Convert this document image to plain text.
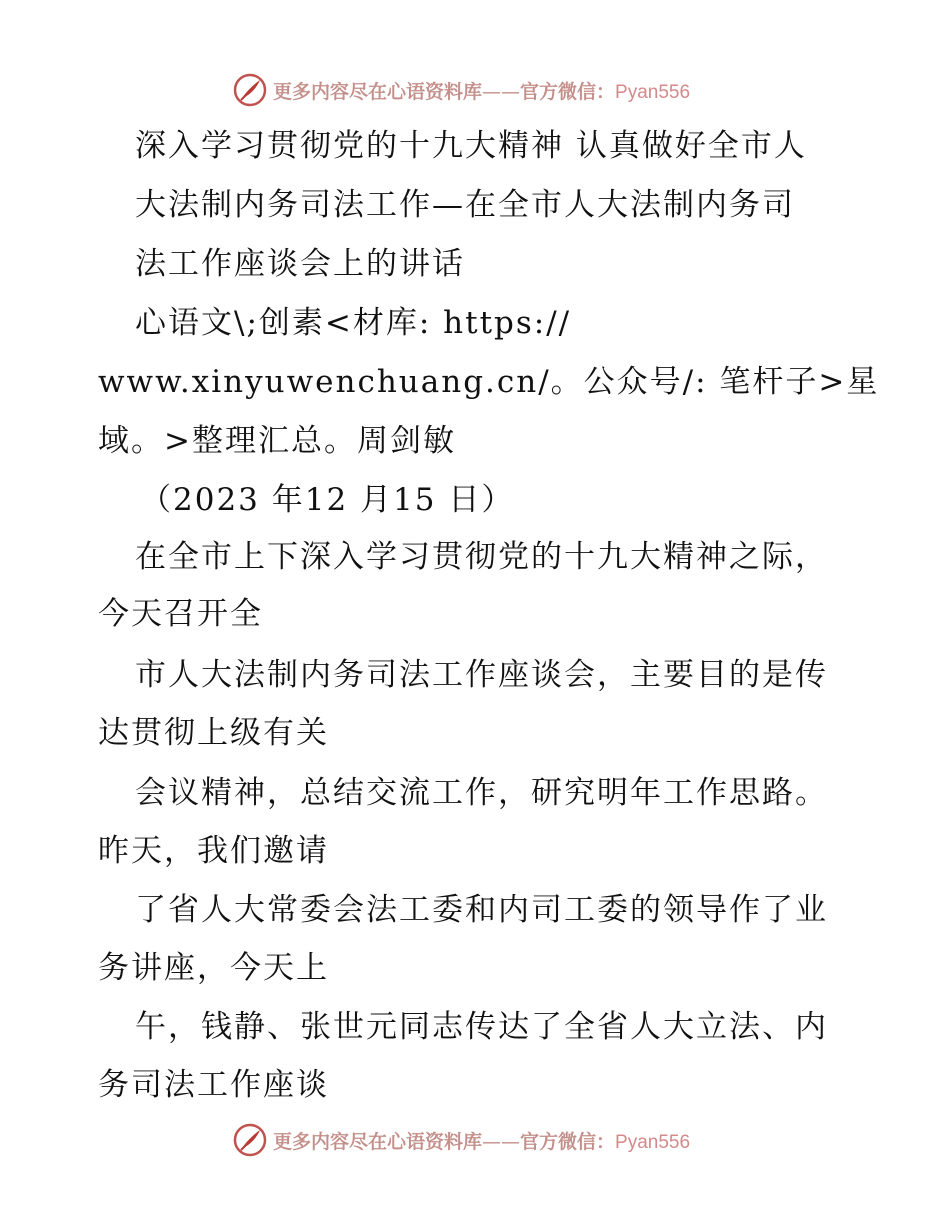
更多内容尽在心语资料库——官方微信：Pyan556
深入学习贯彻党的十九大精神 认真做好全市人
大法制内务司法工作—在全市人大法制内务司
法工作座谈会上的讲话
心语文\;创素<材库: https://
www.xinyuwenchuang.cn/。公众号/: 笔杆子>星
域。>整理汇总。周剑敏
（2023 年12 月15 日）
在全市上下深入学习贯彻党的十九大精神之际，
今天召开全
市人大法制内务司法工作座谈会，主要目的是传
达贯彻上级有关
会议精神，总结交流工作，研究明年工作思路。
昨天，我们邀请
了省人大常委会法工委和内司工委的领导作了业
务讲座，今天上
午，钱静、张世元同志传达了全省人大立法、内
务司法工作座谈
更多内容尽在心语资料库——官方微信：Pyan556
